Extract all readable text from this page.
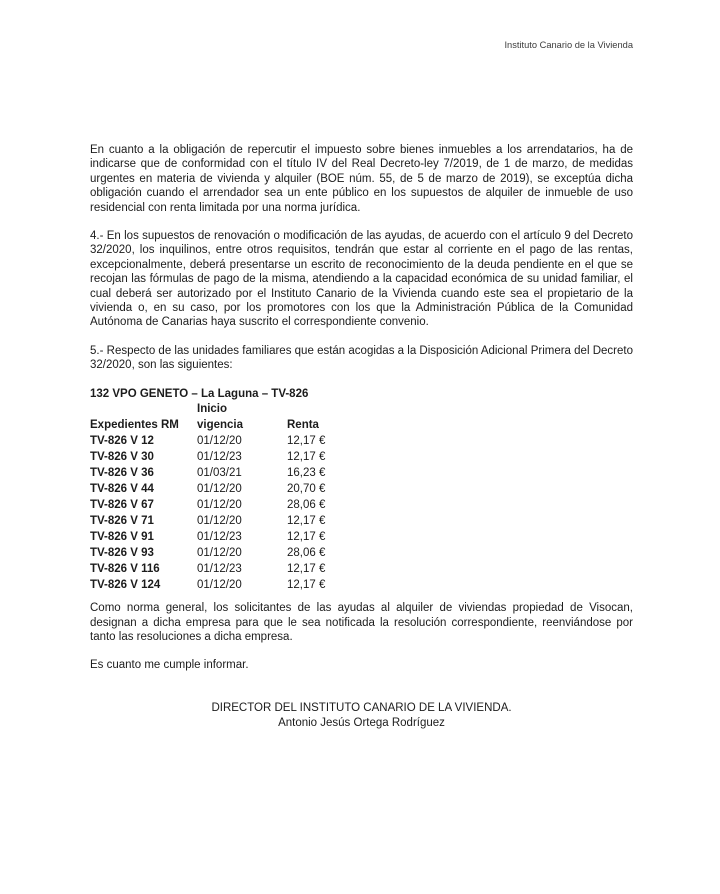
Instituto Canario de la Vivienda

En cuanto a la obligación de repercutir el impuesto sobre bienes inmuebles a los arrendatarios, ha de indicarse que de conformidad con el título IV del Real Decreto-ley 7/2019, de 1 de marzo, de medidas urgentes en materia de vivienda y alquiler (BOE núm. 55, de 5 de marzo de 2019), se exceptúa dicha obligación cuando el arrendador sea un ente público en los supuestos de alquiler de inmueble de uso residencial con renta limitada por una norma jurídica.

4.- En los supuestos de renovación o modificación de las ayudas, de acuerdo con el artículo 9 del Decreto 32/2020, los inquilinos, entre otros requisitos, tendrán que estar al corriente en el pago de las rentas, excepcionalmente, deberá presentarse un escrito de reconocimiento de la deuda pendiente en el que se recojan las fórmulas de pago de la misma, atendiendo a la capacidad económica de su unidad familiar, el cual deberá ser autorizado por el Instituto Canario de la Vivienda cuando este sea el propietario de la vivienda o, en su caso, por los promotores con los que la Administración Pública de la Comunidad Autónoma de Canarias haya suscrito el correspondiente convenio.

5.- Respecto de las unidades familiares que están acogidas a la Disposición Adicional Primera del Decreto 32/2020, son las siguientes:

132 VPO GENETO – La Laguna – TV-826
	Inicio	
Expedientes RM	vigencia	Renta
TV-826 V 12	01/12/20	12,17 €
TV-826 V 30	01/12/23	12,17 €
TV-826 V 36	01/03/21	16,23 €
TV-826 V 44	01/12/20	20,70 €
TV-826 V 67	01/12/20	28,06 €
TV-826 V 71	01/12/20	12,17 €
TV-826 V 91	01/12/23	12,17 €
TV-826 V 93	01/12/20	28,06 €
TV-826 V 116	01/12/23	12,17 €
TV-826 V 124	01/12/20	12,17 €

Como norma general, los solicitantes de las ayudas al alquiler de viviendas propiedad de Visocan, designan a dicha empresa para que le sea notificada la resolución correspondiente, reenviándose por tanto las resoluciones a dicha empresa.

Es cuanto me cumple informar.

DIRECTOR DEL INSTITUTO CANARIO DE LA VIVIENDA.
Antonio Jesús Ortega Rodríguez
